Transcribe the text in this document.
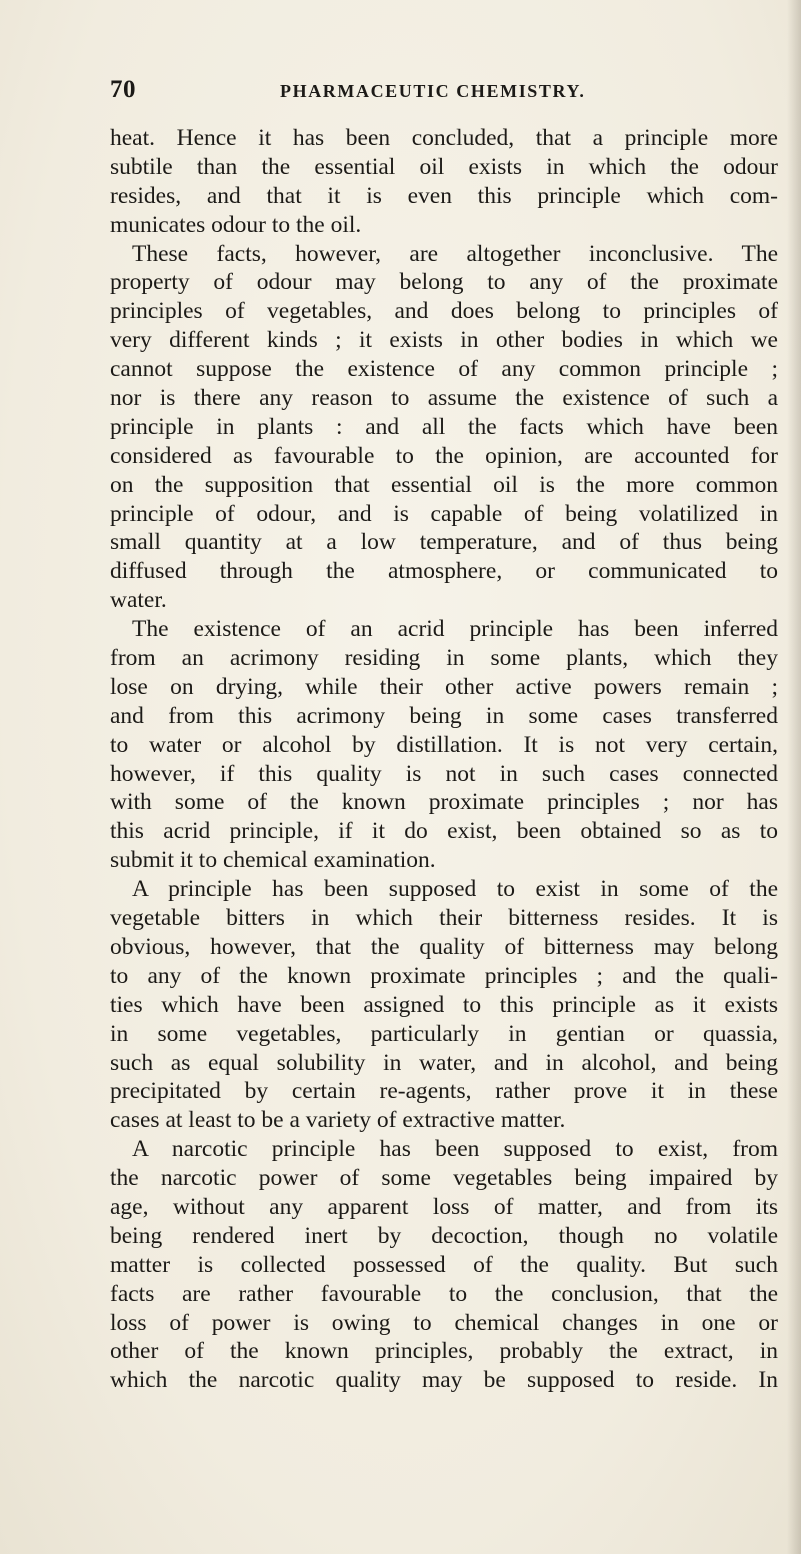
70	PHARMACEUTIC CHEMISTRY.
heat. Hence it has been concluded, that a principle more
subtile than the essential oil exists in which the odour
resides, and that it is even this principle which com-
municates odour to the oil.
These facts, however, are altogether inconclusive. The
property of odour may belong to any of the proximate
principles of vegetables, and does belong to principles of
very different kinds ; it exists in other bodies in which we
cannot suppose the existence of any common principle ;
nor is there any reason to assume the existence of such a
principle in plants : and all the facts which have been
considered as favourable to the opinion, are accounted for
on the supposition that essential oil is the more common
principle of odour, and is capable of being volatilized in
small quantity at a low temperature, and of thus being
diffused through the atmosphere, or communicated to
water.
The existence of an acrid principle has been inferred
from an acrimony residing in some plants, which they
lose on drying, while their other active powers remain ;
and from this acrimony being in some cases transferred
to water or alcohol by distillation. It is not very certain,
however, if this quality is not in such cases connected
with some of the known proximate principles ; nor has
this acrid principle, if it do exist, been obtained so as to
submit it to chemical examination.
A principle has been supposed to exist in some of the
vegetable bitters in which their bitterness resides. It is
obvious, however, that the quality of bitterness may belong
to any of the known proximate principles ; and the quali-
ties which have been assigned to this principle as it exists
in some vegetables, particularly in gentian or quassia,
such as equal solubility in water, and in alcohol, and being
precipitated by certain re-agents, rather prove it in these
cases at least to be a variety of extractive matter.
A narcotic principle has been supposed to exist, from
the narcotic power of some vegetables being impaired by
age, without any apparent loss of matter, and from its
being rendered inert by decoction, though no volatile
matter is collected possessed of the quality. But such
facts are rather favourable to the conclusion, that the
loss of power is owing to chemical changes in one or
other of the known principles, probably the extract, in
which the narcotic quality may be supposed to reside. In
